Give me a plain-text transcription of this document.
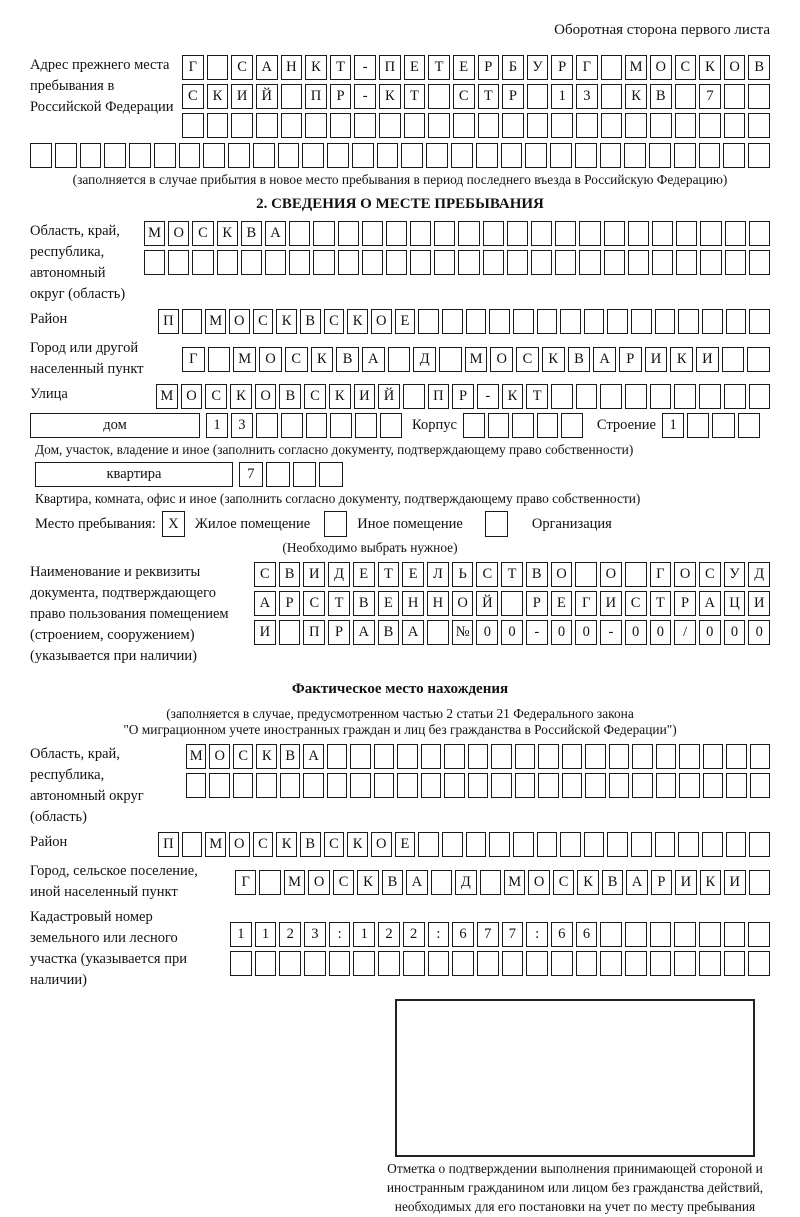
Оборотная сторона первого листа
Адрес прежнего места пребывания в Российской Федерации
Г	С	А Н	К	Т	-	П	Е	Т	Е	Р	Б	У	Р	Г	М О	С	К	О	В
С	К	И Й	П	Р	-	К	Т	С	Т	Р	1	3	К	В	7
(заполняется в случае прибытия в новое место пребывания в период последнего въезда в Российскую Федерацию)
2. СВЕДЕНИЯ О МЕСТЕ ПРЕБЫВАНИЯ
Область, край, республика, автономный округ (область)
М О С	К	В А
Район	П	М О С К В С К О Е
Город или другой населенный пункт
Г	М О	С	К	В	А	Д	М О	С	К	В	А	Р	И	К	И
Улица	М О	С	К	О	В	С	К	И Й	П	Р	-	К	Т
дом	1	3	Корпус	Строение 1
Дом, участок, владение и иное (заполнить согласно документу, подтверждающему право собственности)
квартира	7
Квартира, комната, офис и иное (заполнить согласно документу, подтверждающему право собственности)
Место пребывания: X	Жилое помещение	Иное помещение	Организация
(Необходимо выбрать нужное)
Наименование и реквизиты документа, подтверждающего право пользования помещением (строением, сооружением) (указывается при наличии)
С	В	И	Д	Е	Т	Е	Л	Ь	С	Т	В	О	О	Г	О	С	У	Д
А	Р	С	Т	В	Е	Н Н О Й	Р	Е	Г	И	С	Т	Р	А Ц И
И	П	Р	А	В	А	№ 0	0	-	0	0	-	0	0	/	0	0	0
Фактическое место нахождения
(заполняется в случае, предусмотренном частью 2 статьи 21 Федерального закона
"О миграционном учете иностранных граждан и лиц без гражданства в Российской Федерации")
Область, край, республика, автономный округ (область)
М О С К В А
Район	П	М О С К В С К О Е
Город, сельское поселение, иной населенный пункт
Г	М О С	К	В А	Д	М О С	К	В А	Р	И К И
Кадастровый номер земельного или лесного участка (указывается при наличии)
1	1	2	3	:	1	2	2	:	6	7	7	:	6	6
Отметка о подтверждении выполнения принимающей стороной и иностранным гражданином или лицом без гражданства действий, необходимых для его постановки на учет по месту пребывания
